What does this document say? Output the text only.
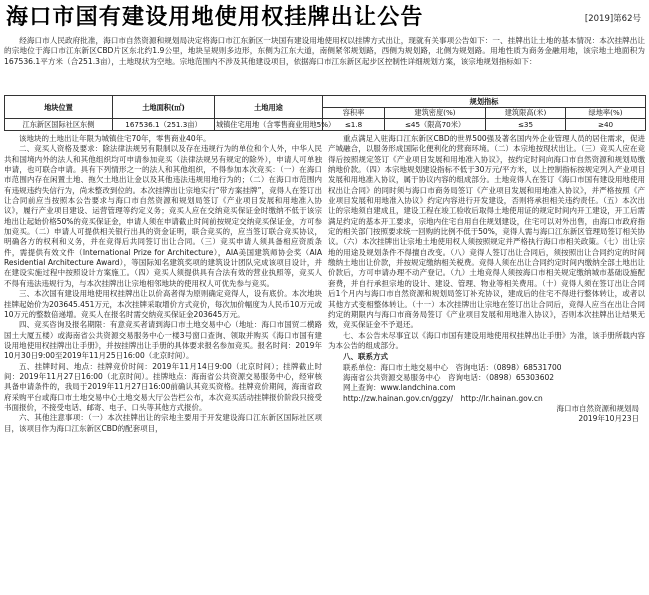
海口市国有建设用地使用权挂牌出让公告	[2019]第62号

经海口市人民政府批准，海口市自然资源和规划局决定将海口市江东新区一块国有建设用地使用权以挂牌方式出让，现就有关事项公告如下：一、挂牌出让土地的基本情况：本次挂牌出让的宗地位于海口市江东新区CBD片区东北约1.9公里，地块呈规则多边形，东侧为江东大道，南侧紧邻规划路，西侧为规划路，北侧为规划路。用地性质为商务金融用地，该宗地土地面积为167536.1平方米（合251.3亩），土地现状为空地。宗地范围内不涉及其他建设项目，依据海口市江东新区起步区控制性详细规划方案，该宗地规划指标如下：

地块位置	土地面积(㎡)	土地用途	规划指标			
			容积率	建筑密度(%)	建筑限高(米)	绿地率(%)
江东新区国际社区东侧	167536.1（251.3亩）	城镇住宅用地（含零售商业用地5%）	≤1.8	≤45（限高70米）	≤35	≥40

该地块的土地出让年限为城镇住宅70年，零售商业40年。

二、竞买人资格及要求：除法律法规另有限制以及存在违规行为的单位和个人外，中华人民共和国境内外的法人和其他组织均可申请参加竞买（法律法规另有规定的除外），申请人可单独申请，也可联合申请。具有下列情形之一的法人和其他组织，不得参加本次竞买：（一）在海口市范围内存在闲置土地、拖欠土地出让金以及其他违法违规用地行为的；（二）在海口市范围内有违规违约失信行为，尚未整改到位的。本次挂牌出让宗地实行“带方案挂牌”，竞得人在签订出让合同前应当按照本公告要求与海口市自然资源和规划局签订《产业项目发展和用地准入协议》，履行产业项目建设、运营管理等约定义务；竞买人应在交纳竞买保证金时缴纳不低于该宗地出让起始价格50%的竞买保证金，申请人须在申请截止时间前按规定交纳竞买保证金，方可参加竞买。（二）申请人可提供相关银行出具的资金证明，联合竞买的，应当签订联合竞买协议，明确各方的权利和义务，并在竞得后共同签订出让合同。（三）竞买申请人须具备相应资质条件，需提供有效文件（International Prize for Architecture），AIA美国建筑师协会奖（AIA Residential Architecture Award），等国际知名建筑奖项的建筑设计团队完成该项目设计，并在建设实施过程中按照设计方案施工。（四）竞买人须提供具有合法有效的营业执照等，竞买人不得有违法违规行为，与本次挂牌出让宗地相邻地块的使用权人可优先参与竞买。

三、本次国有建设用地使用权挂牌出让以价高者得为原则确定竞得人，设有底价。本次地块挂牌起始价为203645.451万元，本次挂牌采取增价方式竞价，每次加价幅度为人民币10万元或10万元的整数倍递增。竞买人在报名时需交纳竞买保证金203645万元。

四、竞买咨询及报名期限：有意竞买者请到海口市土地交易中心（地址：海口市国贸二横路国土大厦五楼）或海南省公共资源交易服务中心一楼3号窗口查询、领取并购买《海口市国有建设用地使用权挂牌出让手册》，并按挂牌出让手册的具体要求报名参加竞买。报名时间：2019年10月30日9:00至2019年11月25日16:00（北京时间）。

五、挂牌时间、地点：挂牌竞价时间：2019年11月14日9:00（北京时间）；挂牌截止时间：2019年11月27日16:00（北京时间）。挂牌地点：海南省公共资源交易服务中心，经审核具备申请条件的，我局于2019年11月27日16:00前确认其竞买资格。挂牌竞价期间，海南省政府采购平台或海口市土地交易中心土地交易大厅公告栏公布，本次竞买活动挂牌报价阶段只接受书面报价，不接受电话、邮寄、电子、口头等其他方式报价。

六、其他注意事项：（一）本次挂牌出让的宗地主要用于开发建设海口江东新区国际社区项目，该项目作为海口江东新区CBD的配套项目，

重点满足入驻海口江东新区CBD的世界500强及著名国内外企业管理人员的居住需求，促进产城融合，以服务形成国际化便利化的营商环境。（二）本宗地按现状出让。（三）竞买人应在竞得后按照规定签订《产业项目发展和用地准入协议》，按约定时间向海口市自然资源和规划局缴纳地价款。（四）本宗地规划建设指标不低于30万元/平方米，以上控制指标按规定列入产业项目发展和用地准入协议，属于协议内容的组成部分。土地竞得人在签订《海口市国有建设用地使用权出让合同》的同时须与海口市商务局签订《产业项目发展和用地准入协议》，并严格按照《产业项目发展和用地准入协议》约定内容进行开发建设，否则将承担相关违约责任。（五）本次出让的宗地须自建成且，建设工程在竣工验收后取得土地使用证的规定时间内开工建设，开工后需满足约定的基本开工要求，宗地内住宅自用自住规划建设，住宅可以对外出售，由海口市政府指定的相关部门按照要求统一回购的比例不低于50%，竞得人需与海口江东新区管理局签订相关协议。（六）本次挂牌出让宗地土地使用权人须按照规定并严格执行海口市相关政策。（七）出让宗地的用途及规划条件不得擅自改变。（八）竞得人签订出让合同后，须按照出让合同约定的时间缴纳土地出让价款，并按规定缴纳相关税费。竞得人须在出让合同约定时间内缴纳全部土地出让价款后，方可申请办理不动产登记。（九）土地竞得人须按海口市相关规定缴纳城市基础设施配套费，并自行承担宗地的设计、建设、管理、物业等相关费用。（十）竞得人须在签订出让合同后1个月内与海口市自然资源和规划局签订补充协议，建成后的住宅不得进行整体转让，或者以其他方式变相整体转让。（十一）本次挂牌出让宗地在签订出让合同后，竞得人应当在出让合同约定的期限内与海口市商务局签订《产业项目发展和用地准入协议》，否则本次挂牌出让结果无效，竞买保证金不予退还。

七、本公告未尽事宜以《海口市国有建设用地使用权挂牌出让手册》为准，该手册所载内容为本公告的组成部分。

八、联系方式
联系单位：海口市土地交易中心　咨询电话：（0898）68531700
海南省公共资源交易服务中心　咨询电话：（0898）65303602
网上查询：www.landchina.com
http://zw.hainan.gov.cn/ggzy/　http://lr.hainan.gov.cn
海口市自然资源和规划局
2019年10月23日
